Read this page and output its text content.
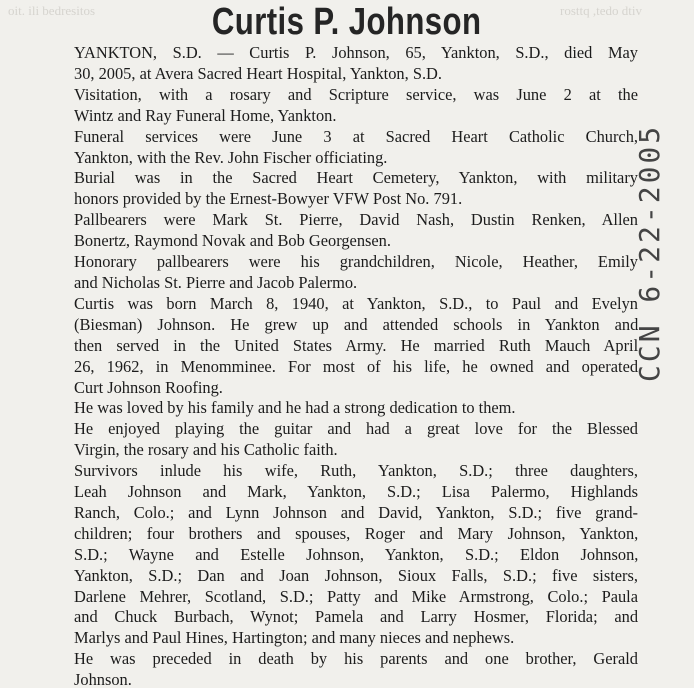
oit. ili bedresitos	rosttq ,tedo dtiv
Curtis P. Johnson

YANKTON, S.D. — Curtis P. Johnson, 65, Yankton, S.D., died May
30, 2005, at Avera Sacred Heart Hospital, Yankton, S.D.

Visitation, with a rosary and Scripture service, was June 2 at the
Wintz and Ray Funeral Home, Yankton.

Funeral services were June 3 at Sacred Heart Catholic Church,
Yankton, with the Rev. John Fischer officiating.

Burial was in the Sacred Heart Cemetery, Yankton, with military
honors provided by the Ernest-Bowyer VFW Post No. 791.

Pallbearers were Mark St. Pierre, David Nash, Dustin Renken, Allen
Bonertz, Raymond Novak and Bob Georgensen.

Honorary pallbearers were his grandchildren, Nicole, Heather, Emily
and Nicholas St. Pierre and Jacob Palermo.

Curtis was born March 8, 1940, at Yankton, S.D., to Paul and Evelyn
(Biesman) Johnson. He grew up and attended schools in Yankton and
then served in the United States Army. He married Ruth Mauch April
26, 1962, in Menomminee. For most of his life, he owned and operated
Curt Johnson Roofing.

He was loved by his family and he had a strong dedication to them.

He enjoyed playing the guitar and had a great love for the Blessed
Virgin, the rosary and his Catholic faith.

Survivors inlude his wife, Ruth, Yankton, S.D.; three daughters,
Leah Johnson and Mark, Yankton, S.D.; Lisa Palermo, Highlands
Ranch, Colo.; and Lynn Johnson and David, Yankton, S.D.; five grand-
children; four brothers and spouses, Roger and Mary Johnson, Yankton,
S.D.; Wayne and Estelle Johnson, Yankton, S.D.; Eldon Johnson,
Yankton, S.D.; Dan and Joan Johnson, Sioux Falls, S.D.; five sisters,
Darlene Mehrer, Scotland, S.D.; Patty and Mike Armstrong, Colo.; Paula
and Chuck Burbach, Wynot; Pamela and Larry Hosmer, Florida; and
Marlys and Paul Hines, Hartington; and many nieces and nephews.

He was preceded in death by his parents and one brother, Gerald
Johnson.

CCN 6-22-2005
